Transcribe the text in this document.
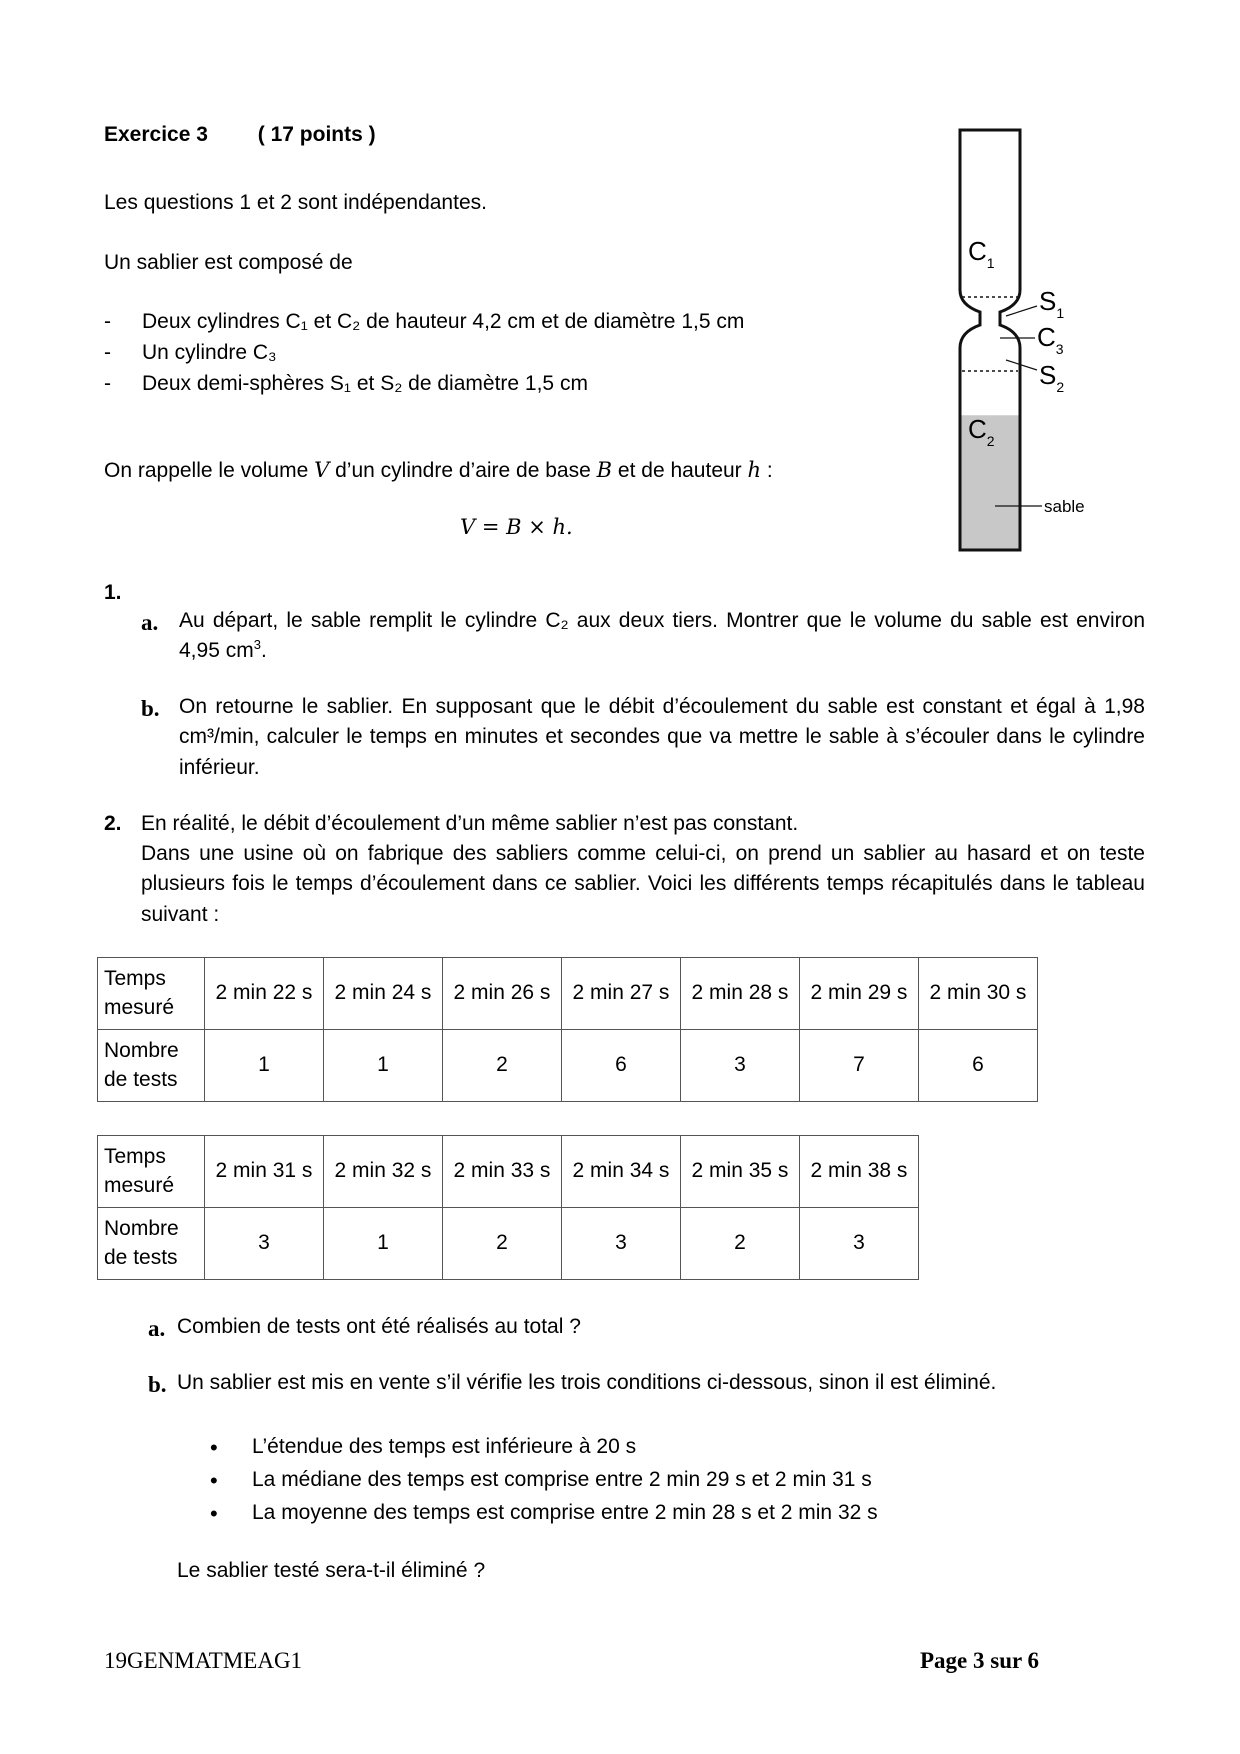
Exercice 3 ( 17 points )
Les questions 1 et 2 sont indépendantes.
Un sablier est composé de
-	Deux cylindres C₁ et C₂ de hauteur 4,2 cm et de diamètre 1,5 cm
-	Un cylindre C₃
-	Deux demi-sphères S₁ et S₂ de diamètre 1,5 cm
On rappelle le volume V d’un cylindre d’aire de base B et de hauteur h :
V = B × h.
$C_1$
$S_1$
$C_3$
$S_2$
$C_2$
sable
1.
a. Au départ, le sable remplit le cylindre C₂ aux deux tiers. Montrer que le volume du sable est environ 4,95 $cm^3$.
b. On retourne le sablier. En supposant que le débit d’écoulement du sable est constant et égal à 1,98 cm³/min, calculer le temps en minutes et secondes que va mettre le sable à s’écouler dans le cylindre inférieur.
2. En réalité, le débit d’écoulement d’un même sablier n’est pas constant.
Dans une usine où on fabrique des sabliers comme celui-ci, on prend un sablier au hasard et on teste plusieurs fois le temps d’écoulement dans ce sablier. Voici les différents temps récapitulés dans le tableau suivant :
Temps mesuré	2 min 22 s	2 min 24 s	2 min 26 s	2 min 27 s	2 min 28 s	2 min 29 s	2 min 30 s
Nombre de tests	1	1	2	6	3	7	6
Temps mesuré	2 min 31 s	2 min 32 s	2 min 33 s	2 min 34 s	2 min 35 s	2 min 38 s
Nombre de tests	3	1	2	3	2	3
a. Combien de tests ont été réalisés au total ?
b. Un sablier est mis en vente s’il vérifie les trois conditions ci-dessous, sinon il est éliminé.
•	L’étendue des temps est inférieure à 20 s
•	La médiane des temps est comprise entre 2 min 29 s et 2 min 31 s
•	La moyenne des temps est comprise entre 2 min 28 s et 2 min 32 s
Le sablier testé sera-t-il éliminé ?
19GENMATMEAG1	Page 3 sur 6
